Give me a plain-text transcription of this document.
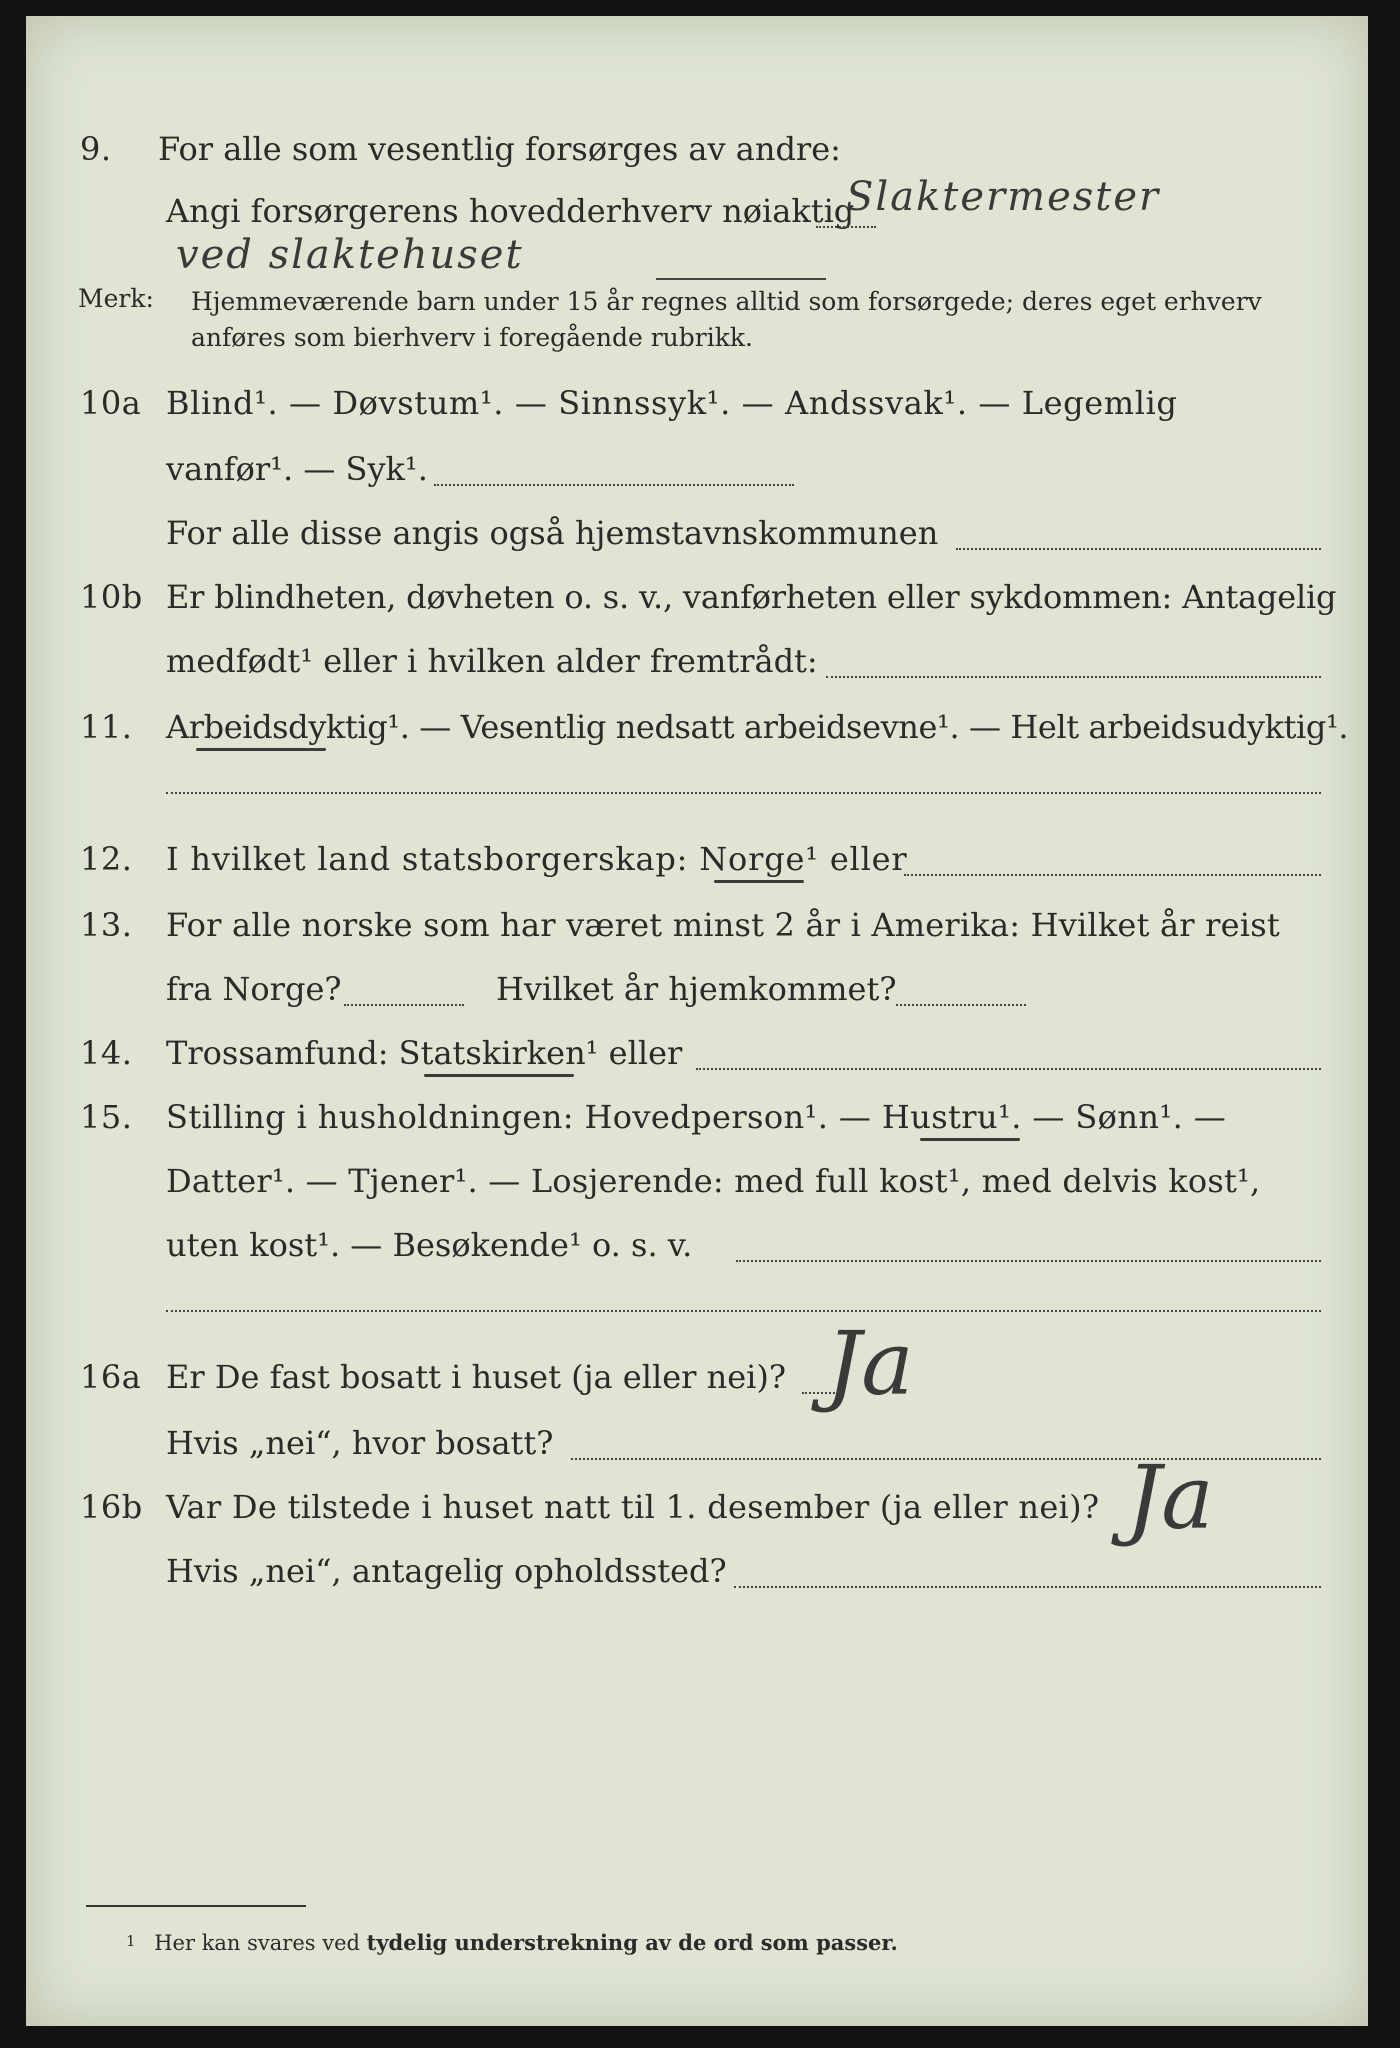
9. For alle som vesentlig forsørges av andre:
Angi forsørgerens hovedderhverv nøiaktig
Slaktermester
ved slaktehuset
Merk: Hjemmeværende barn under 15 år regnes alltid som forsørgede; deres eget erhverv anføres som bierhverv i foregående rubrikk.
10a Blind¹. — Døvstum¹. — Sinnssyk¹. — Andssvak¹. — Legemlig
vanfør¹. — Syk¹.
For alle disse angis også hjemstavnskommunen
10b Er blindheten, døvheten o. s. v., vanførheten eller sykdommen: Antagelig
medfødt¹ eller i hvilken alder fremtrådt:
11. Arbeidsdyktig¹. — Vesentlig nedsatt arbeidsevne¹. — Helt arbeidsudyktig¹.
12. I hvilket land statsborgerskap: Norge¹ eller
13. For alle norske som har været minst 2 år i Amerika: Hvilket år reist
fra Norge?	Hvilket år hjemkommet?
14. Trossamfund: Statskirken¹ eller
15. Stilling i husholdningen: Hovedperson¹. — Hustru¹. — Sønn¹. —
Datter¹. — Tjener¹. — Losjerende: med full kost¹, med delvis kost¹,
uten kost¹. — Besøkende¹ o. s. v.
16a Er De fast bosatt i huset (ja eller nei)? Ja
Hvis „nei“, hvor bosatt?
16b Var De tilstede i huset natt til 1. desember (ja eller nei)? Ja
Hvis „nei“, antagelig opholdssted?
1 Her kan svares ved tydelig understrekning av de ord som passer.
